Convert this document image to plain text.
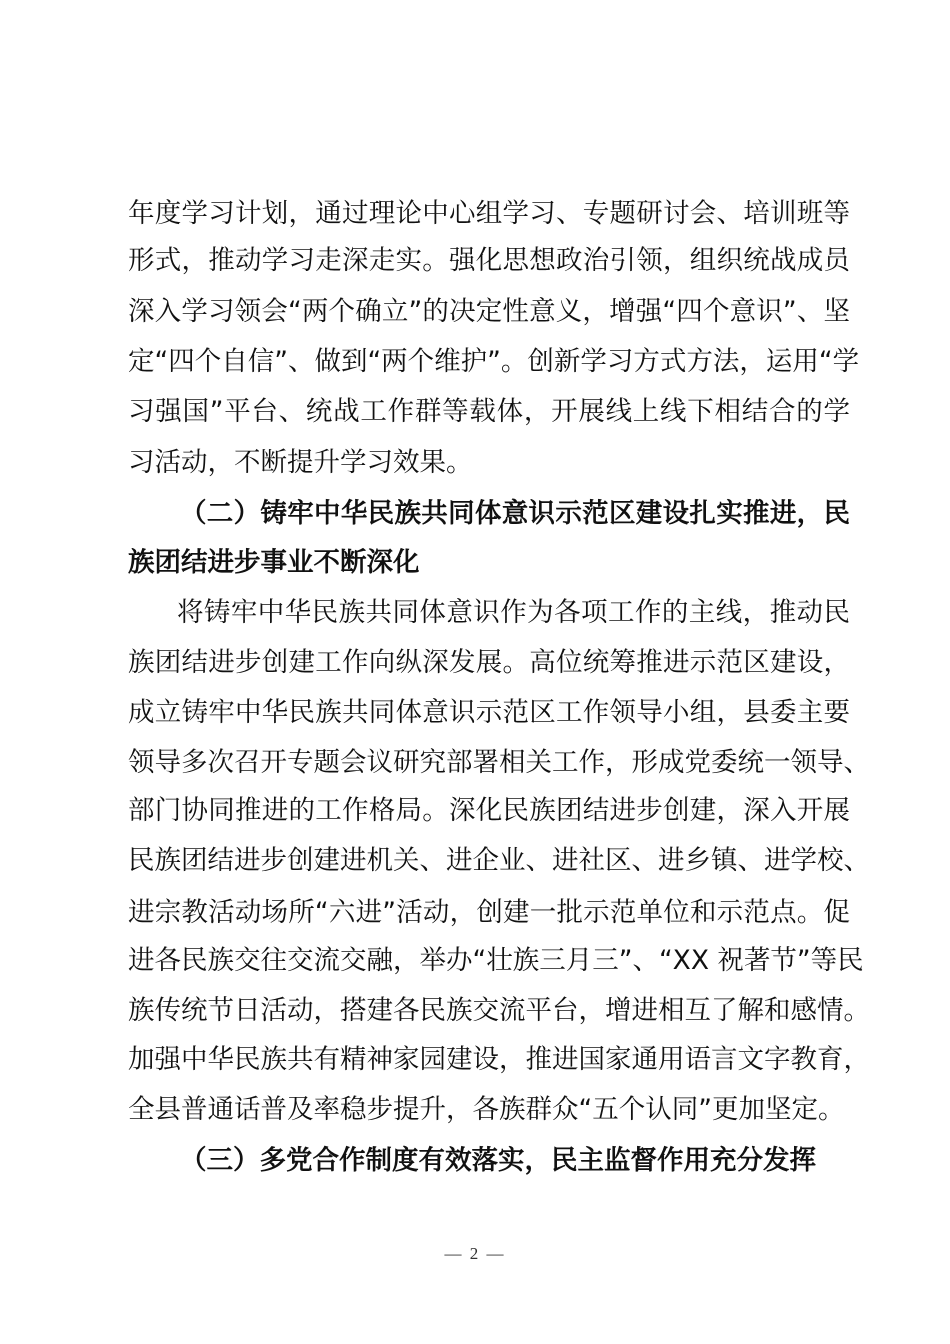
年度学习计划，通过理论中心组学习、专题研讨会、培训班等
形式，推动学习走深走实。强化思想政治引领，组织统战成员
深入学习领会“两个确立”的决定性意义，增强“四个意识”、坚
定“四个自信”、做到“两个维护”。创新学习方式方法，运用“学
习强国”平台、统战工作群等载体，开展线上线下相结合的学
习活动，不断提升学习效果。
（二）铸牢中华民族共同体意识示范区建设扎实推进，民
族团结进步事业不断深化
将铸牢中华民族共同体意识作为各项工作的主线，推动民
族团结进步创建工作向纵深发展。高位统筹推进示范区建设，
成立铸牢中华民族共同体意识示范区工作领导小组，县委主要
领导多次召开专题会议研究部署相关工作，形成党委统一领导、
部门协同推进的工作格局。深化民族团结进步创建，深入开展
民族团结进步创建进机关、进企业、进社区、进乡镇、进学校、
进宗教活动场所“六进”活动，创建一批示范单位和示范点。促
进各民族交往交流交融，举办“壮族三月三”、“XX 祝著节”等民
族传统节日活动，搭建各民族交流平台，增进相互了解和感情。
加强中华民族共有精神家园建设，推进国家通用语言文字教育，
全县普通话普及率稳步提升，各族群众“五个认同”更加坚定。
（三）多党合作制度有效落实，民主监督作用充分发挥
— 2 —
